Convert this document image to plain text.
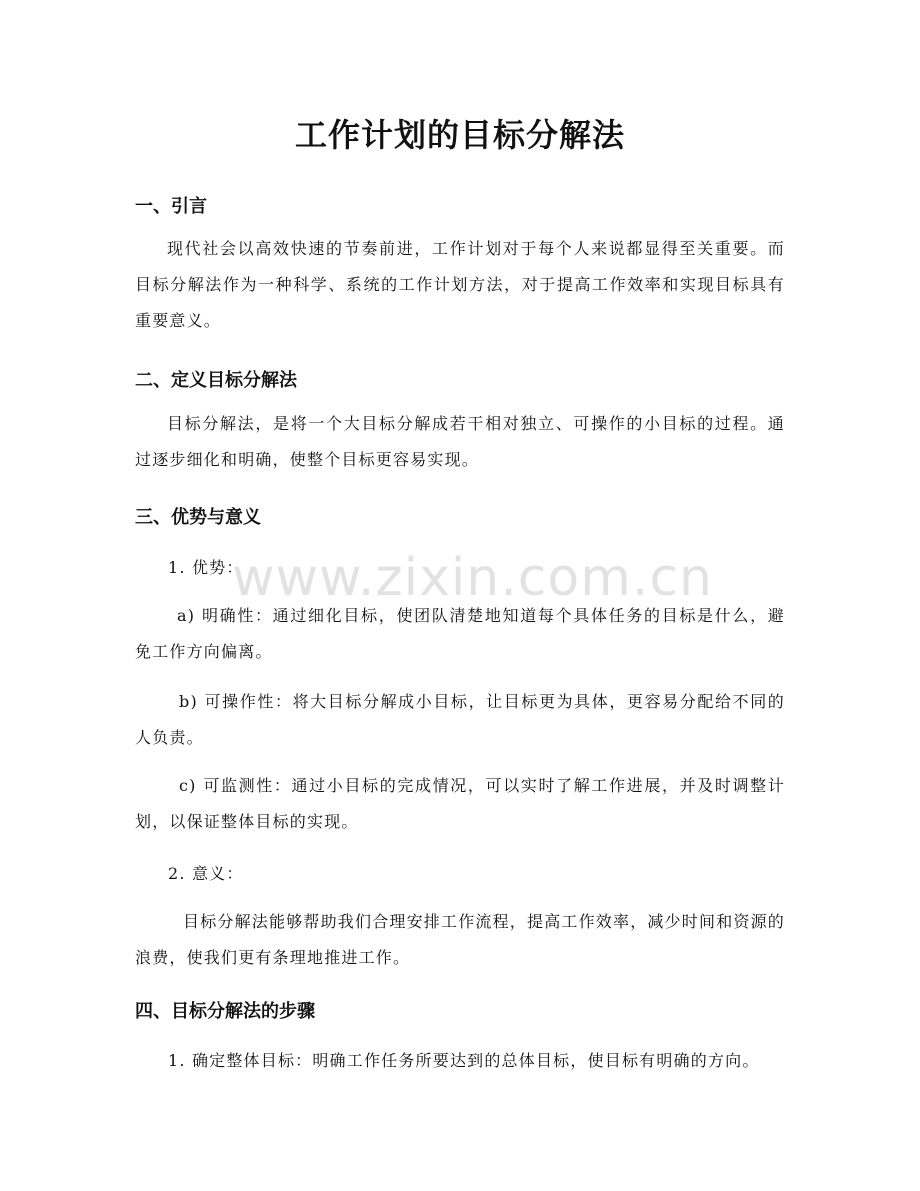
www.zixin.com.cn
工作计划的目标分解法
一、引言

现代社会以高效快速的节奏前进，工作计划对于每个人来说都显得至关重要。而目标分解法作为一种科学、系统的工作计划方法，对于提高工作效率和实现目标具有重要意义。

二、定义目标分解法

目标分解法，是将一个大目标分解成若干相对独立、可操作的小目标的过程。通过逐步细化和明确，使整个目标更容易实现。

三、优势与意义

1. 优势：

a) 明确性：通过细化目标，使团队清楚地知道每个具体任务的目标是什么，避免工作方向偏离。

b) 可操作性：将大目标分解成小目标，让目标更为具体，更容易分配给不同的人负责。

c) 可监测性：通过小目标的完成情况，可以实时了解工作进展，并及时调整计划，以保证整体目标的实现。

2. 意义：

目标分解法能够帮助我们合理安排工作流程，提高工作效率，减少时间和资源的浪费，使我们更有条理地推进工作。

四、目标分解法的步骤

1. 确定整体目标：明确工作任务所要达到的总体目标，使目标有明确的方向。
